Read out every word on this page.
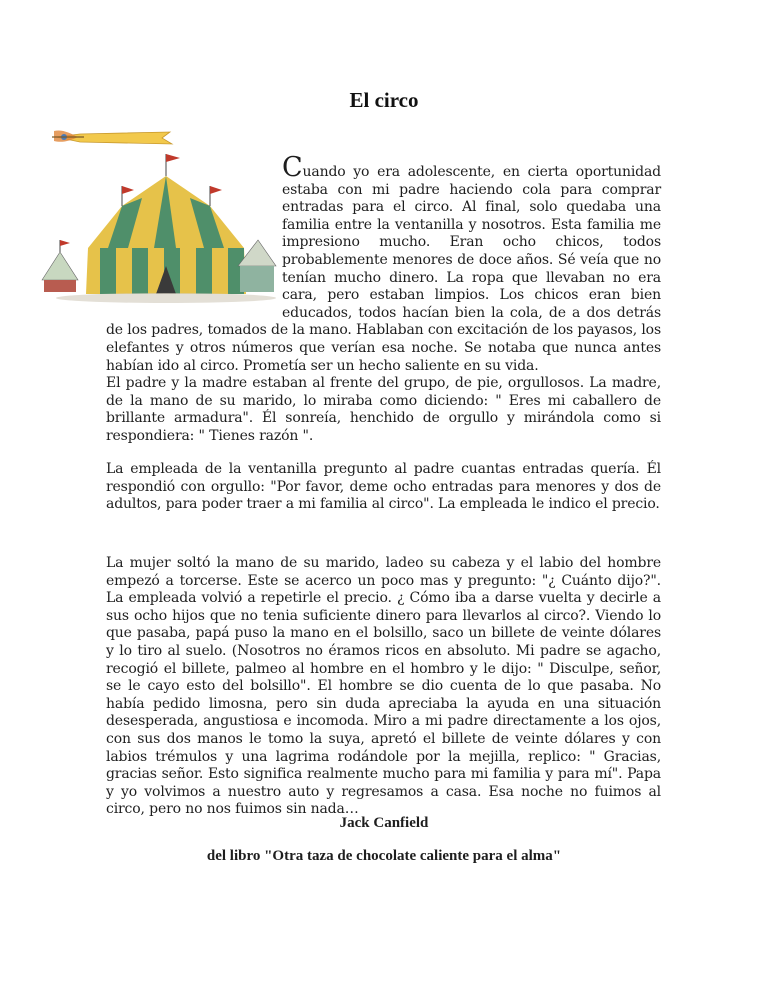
El circo
Cuando yo era adolescente, en cierta oportunidad estaba con mi padre haciendo cola para comprar entradas para el circo. Al final, solo quedaba una familia entre la ventanilla y nosotros. Esta familia me impresiono mucho. Eran ocho chicos, todos probablemente menores de doce años. Sé veía que no tenían mucho dinero. La ropa que llevaban no era cara, pero estaban limpios. Los chicos eran bien educados, todos hacían bien la cola, de a dos detrás de los padres, tomados de la mano. Hablaban con excitación de los payasos, los elefantes y otros números que verían esa noche. Se notaba que nunca antes habían ido al circo. Prometía ser un hecho saliente en su vida.
El padre y la madre estaban al frente del grupo, de pie, orgullosos. La madre, de la mano de su marido, lo miraba como diciendo: " Eres mi caballero de brillante armadura". Él sonreía, henchido de orgullo y mirándola como si respondiera: " Tienes razón ".
La empleada de la ventanilla pregunto al padre cuantas entradas quería. Él respondió con orgullo: "Por favor, deme ocho entradas para menores y dos de adultos, para poder traer a mi familia al circo". La empleada le indico el precio.
La mujer soltó la mano de su marido, ladeo su cabeza y el labio del hombre empezó a torcerse. Este se acerco un poco mas y pregunto: "¿ Cuánto dijo?". La empleada volvió a repetirle el precio. ¿ Cómo iba a darse vuelta y decirle a sus ocho hijos que no tenia suficiente dinero para llevarlos al circo?. Viendo lo que pasaba, papá puso la mano en el bolsillo, saco un billete de veinte dólares y lo tiro al suelo. (Nosotros no éramos ricos en absoluto. Mi padre se agacho, recogió el billete, palmeo al hombre en el hombro y le dijo: " Disculpe, señor, se le cayo esto del bolsillo". El hombre se dio cuenta de lo que pasaba. No había pedido limosna, pero sin duda apreciaba la ayuda en una situación desesperada, angustiosa e incomoda. Miro a mi padre directamente a los ojos, con sus dos manos le tomo la suya, apretó el billete de veinte dólares y con labios trémulos y una lagrima rodándole por la mejilla, replico: " Gracias, gracias señor. Esto significa realmente mucho para mi familia y para mí". Papa y yo volvimos a nuestro auto y regresamos a casa. Esa noche no fuimos al circo, pero no nos fuimos sin nada…
Jack Canfield
del libro "Otra taza de chocolate caliente para el alma"
